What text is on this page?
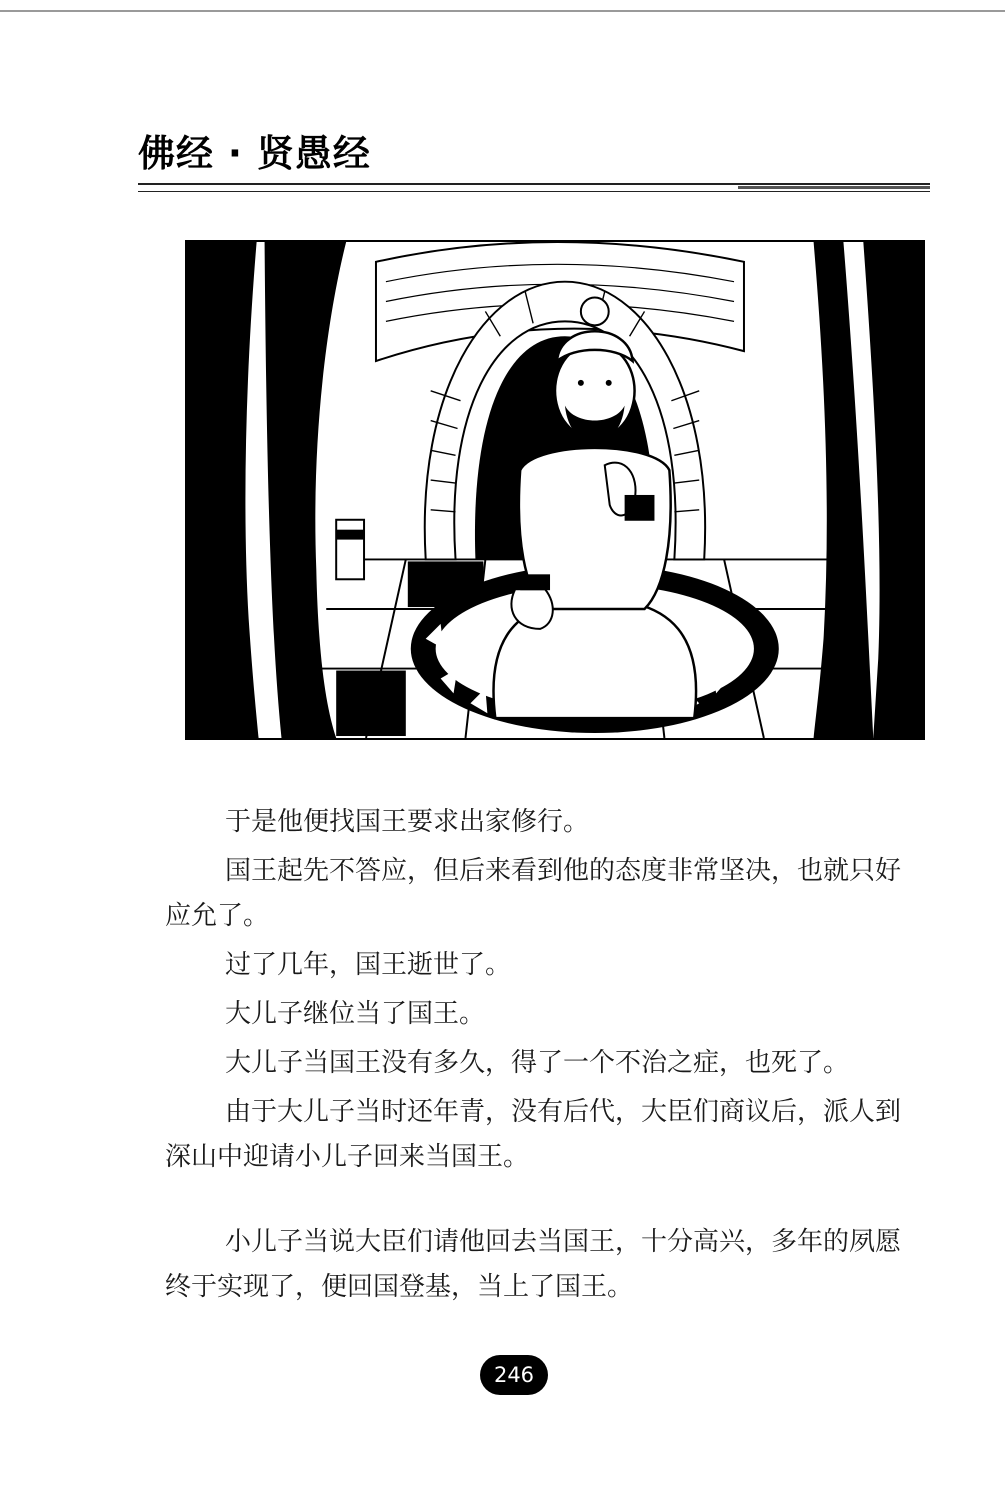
佛经 · 贤愚经

于是他便找国王要求出家修行。

国王起先不答应，但后来看到他的态度非常坚决，也就只好应允了。

过了几年，国王逝世了。

大儿子继位当了国王。

大儿子当国王没有多久，得了一个不治之症，也死了。

由于大儿子当时还年青，没有后代，大臣们商议后，派人到深山中迎请小儿子回来当国王。

小儿子当说大臣们请他回去当国王，十分高兴，多年的夙愿终于实现了，便回国登基，当上了国王。

246
